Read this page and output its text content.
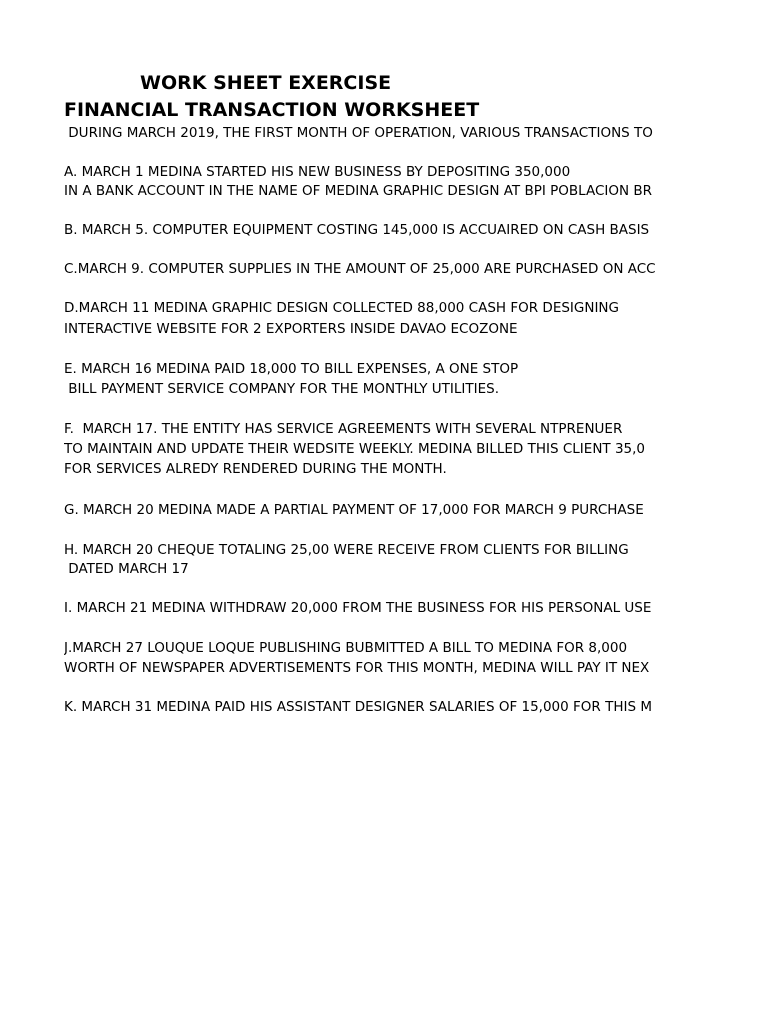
WORK SHEET EXERCISE
FINANCIAL TRANSACTION WORKSHEET

DURING MARCH 2019, THE FIRST MONTH OF OPERATION, VARIOUS TRANSACTIONS TO

A. MARCH 1 MEDINA STARTED HIS NEW BUSINESS BY DEPOSITING 350,000

IN A BANK ACCOUNT IN THE NAME OF MEDINA GRAPHIC DESIGN AT BPI POBLACION BR

B. MARCH 5. COMPUTER EQUIPMENT COSTING 145,000 IS ACCUAIRED ON CASH BASIS

C.MARCH 9. COMPUTER SUPPLIES IN THE AMOUNT OF 25,000 ARE PURCHASED ON ACC

D.MARCH 11 MEDINA GRAPHIC DESIGN COLLECTED 88,000 CASH FOR DESIGNING

INTERACTIVE WEBSITE FOR 2 EXPORTERS INSIDE DAVAO ECOZONE

E. MARCH 16 MEDINA PAID 18,000 TO BILL EXPENSES, A ONE STOP

BILL PAYMENT SERVICE COMPANY FOR THE MONTHLY UTILITIES.

F.  MARCH 17. THE ENTITY HAS SERVICE AGREEMENTS WITH SEVERAL NTPRENUER

TO MAINTAIN AND UPDATE THEIR WEDSITE WEEKLY. MEDINA BILLED THIS CLIENT 35,0

FOR SERVICES ALREDY RENDERED DURING THE MONTH.

G. MARCH 20 MEDINA MADE A PARTIAL PAYMENT OF 17,000 FOR MARCH 9 PURCHASE

H. MARCH 20 CHEQUE TOTALING 25,00 WERE RECEIVE FROM CLIENTS FOR BILLING

DATED MARCH 17

I. MARCH 21 MEDINA WITHDRAW 20,000 FROM THE BUSINESS FOR HIS PERSONAL USE

J.MARCH 27 LOUQUE LOQUE PUBLISHING BUBMITTED A BILL TO MEDINA FOR 8,000

WORTH OF NEWSPAPER ADVERTISEMENTS FOR THIS MONTH, MEDINA WILL PAY IT NEX

K. MARCH 31 MEDINA PAID HIS ASSISTANT DESIGNER SALARIES OF 15,000 FOR THIS M
